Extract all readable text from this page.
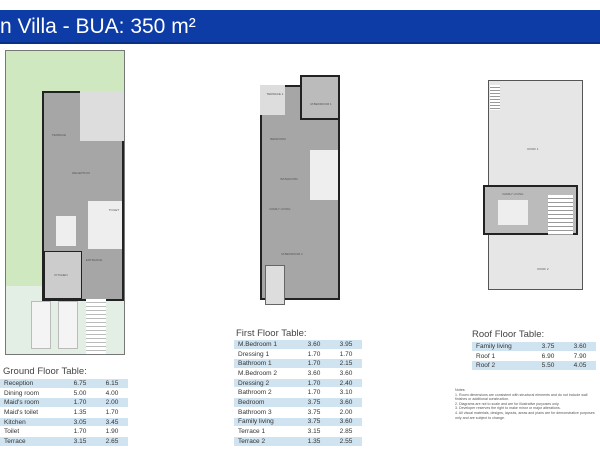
n Villa - BUA: 350 m²
TERRACE
RECEPTION
KITCHEN
ENTRANCE
TOILET
BEDROOM
M.BEDROOM 1
M.BEDROOM 2
BATHROOM
FAMILY LIVING
TERRACE 1
ROOF 1
FAMILY LIVING
ROOF 2
Ground Floor Table:
Reception	6.75	6.15
Dining room	5.00	4.00
Maid's room	1.70	2.00
Maid's toilet	1.35	1.70
Kitchen	3.05	3.45
Toilet	1.70	1.90
Terrace	3.15	2.65
First Floor Table:
M.Bedroom 1	3.60	3.95
Dressing 1	1.70	1.70
Bathroom 1	1.70	2.15
M.Bedroom 2	3.60	3.60
Dressing 2	1.70	2.40
Bathroom 2	1.70	3.10
Bedroom	3.75	3.60
Bathroom 3	3.75	2.00
Family living	3.75	3.60
Terrace 1	3.15	2.85
Terrace 2	1.35	2.55
Roof Floor Table:
Family living	3.75	3.60
Roof 1	6.90	7.90
Roof 2	5.50	4.05
Notes:
1. Room dimensions are consistent with structural elements and do not include wall finishes or additional construction.
2. Diagrams are not to scale and are for illustrative purposes only.
3. Developer reserves the right to make minor or major alterations.
4. All visual materials, designs, layouts, areas and plans are for demonstrative purposes only and are subject to change.
